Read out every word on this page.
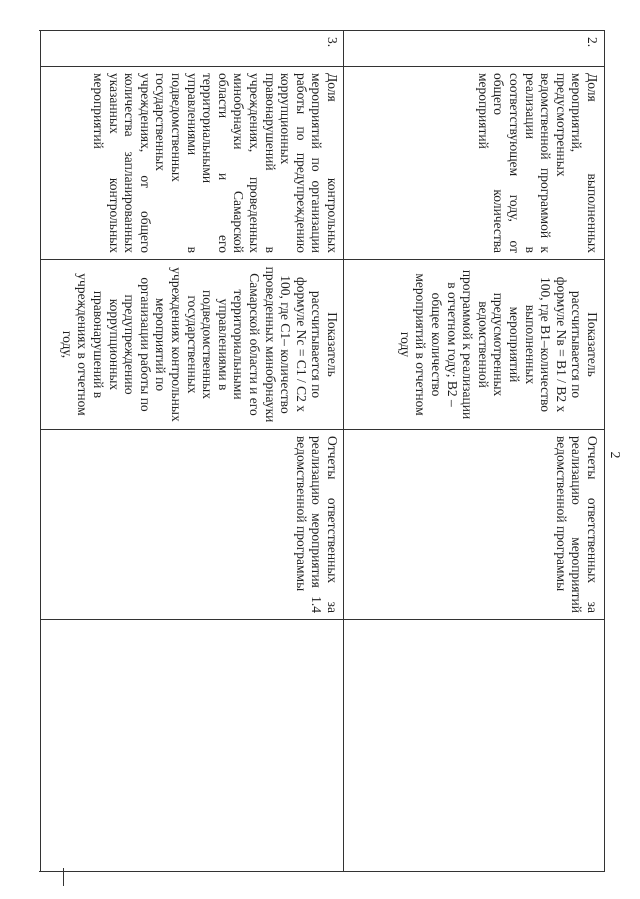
2
2.
Доля выполненных мероприятий, предусмотренных ведомственной программой к реализации в соответствующем году, от общего количества мероприятий
Показатель рассчитывается по формуле Nв = B1 / B2 x 100, где B1–количество выполненных мероприятий предусмотренных ведомственной программой к реализации в отчетном году; B2 – общее количество мероприятий в отчетном году
Отчеты ответственных за реализацию мероприятий ведомственной программы
3.
Доля контрольных мероприятий по организации работы по предупреждению коррупционных правонарушений в учреждениях, проведенных минобрнауки Самарской области и его территориальными управлениями в подведомственных государственных учреждениях, от общего количества запланированных указанных контрольных мероприятий
Показатель рассчитывается по формуле Nс = C1 / C2 x 100, где C1– количество проведенных минобрнауки Самарской области и его территориальными управлениями в подведомственных государственных учреждениях контрольных мероприятий по организации работы по предупреждению коррупционных правонарушений в учреждениях в отчетном году,
Отчеты ответственных за реализацию мероприятия 1.4 ведомственной программы
